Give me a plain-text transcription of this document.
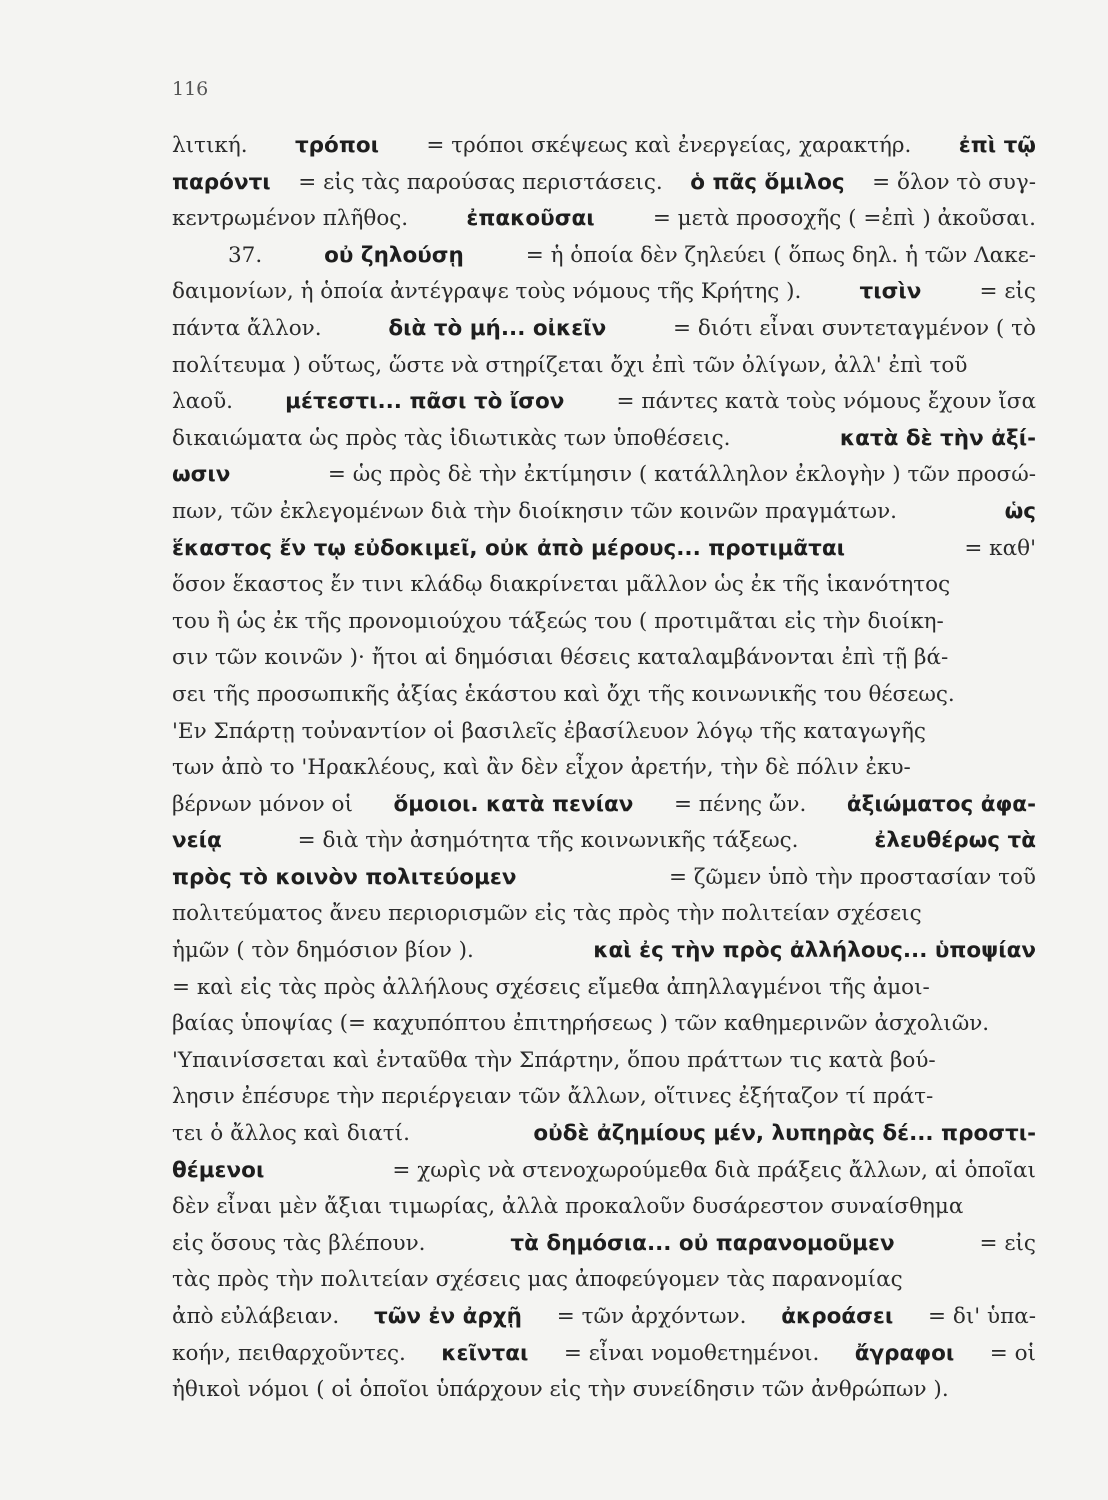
116
λιτική. τρόποι = τρόποι σκέψεως καὶ ἐνεργείας, χαρακτήρ. ἐπὶ τῷ
παρόντι = εἰς τὰς παρούσας περιστάσεις. ὁ πᾶς ὅμιλος = ὅλον τὸ συγ-
κεντρωμένον πλῆθος.	ἐπακοῦσαι	= μετὰ προσοχῆς ( =ἐπὶ ) ἀκοῦσαι.
37.	οὐ ζηλούσῃ	= ἡ ὁποία δὲν ζηλεύει ( ὅπως δηλ. ἡ τῶν Λακε-
δαιμονίων, ἡ ὁποία ἀντέγραψε τοὺς νόμους τῆς Κρήτης ).	τισὶν	= εἰς
πάντα ἄλλον.	διὰ τὸ μή... οἰκεῖν	= διότι εἶναι συντεταγμένον ( τὸ
πολίτευμα ) οὕτως, ὥστε νὰ στηρίζεται ὄχι ἐπὶ τῶν ὀλίγων, ἀλλ' ἐπὶ τοῦ
λαοῦ. μέτεστι... πᾶσι τὸ ἴσον = πάντες κατὰ τοὺς νόμους ἔχουν ἴσα
δικαιώματα ὡς πρὸς τὰς ἰδιωτικὰς των ὑποθέσεις.	κατὰ δὲ τὴν ἀξί-
ωσιν	= ὡς πρὸς δὲ τὴν ἐκτίμησιν ( κατάλληλον ἐκλογὴν ) τῶν προσώ-
πων, τῶν ἐκλεγομένων διὰ τὴν διοίκησιν τῶν κοινῶν πραγμάτων.	ὡς
ἕκαστος ἔν τῳ εὐδοκιμεῖ, οὐκ ἀπὸ μέρους... προτιμᾶται	= καθ'
ὅσον ἕκαστος ἔν τινι κλάδῳ διακρίνεται μᾶλλον ὡς ἐκ τῆς ἱκανότητος
του ἢ ὡς ἐκ τῆς προνομιούχου τάξεώς του ( προτιμᾶται εἰς τὴν διοίκη-
σιν τῶν κοινῶν )· ἤτοι αἱ δημόσιαι θέσεις καταλαμβάνονται ἐπὶ τῇ βά-
σει τῆς προσωπικῆς ἀξίας ἑκάστου καὶ ὄχι τῆς κοινωνικῆς του θέσεως.
'Εν Σπάρτῃ τοὐναντίον οἱ βασιλεῖς ἐβασίλευον λόγῳ τῆς καταγωγῆς
των ἀπὸ το 'Ηρακλέους, καὶ ἂν δὲν εἶχον ἀρετήν, τὴν δὲ πόλιν ἐκυ-
βέρνων μόνον οἱ ὅμοιοι. κατὰ πενίαν = πένης ὤν. ἀξιώματος ἀφα-
νείᾳ	= διὰ τὴν ἀσημότητα τῆς κοινωνικῆς τάξεως.	ἐλευθέρως τὰ
πρὸς τὸ κοινὸν πολιτεύομεν	= ζῶμεν ὑπὸ τὴν προστασίαν τοῦ
πολιτεύματος ἄνευ περιορισμῶν εἰς τὰς πρὸς τὴν πολιτείαν σχέσεις
ἡμῶν ( τὸν δημόσιον βίον ).	καὶ ἐς τὴν πρὸς ἀλλήλους... ὑποψίαν
= καὶ εἰς τὰς πρὸς ἀλλήλους σχέσεις εἴμεθα ἀπηλλαγμένοι τῆς ἀμοι-
βαίας ὑποψίας (= καχυπόπτου ἐπιτηρήσεως ) τῶν καθημερινῶν ἀσχολιῶν.
'Υπαινίσσεται καὶ ἐνταῦθα τὴν Σπάρτην, ὅπου πράττων τις κατὰ βού-
λησιν ἐπέσυρε τὴν περιέργειαν τῶν ἄλλων, οἵτινες ἐξήταζον τί πράτ-
τει ὁ ἄλλος καὶ διατί.	οὐδὲ ἀζημίους μέν, λυπηρὰς δέ... προστι-
θέμενοι	= χωρὶς νὰ στενοχωρούμεθα διὰ πράξεις ἄλλων, αἱ ὁποῖαι
δὲν εἶναι μὲν ἄξιαι τιμωρίας, ἀλλὰ προκαλοῦν δυσάρεστον συναίσθημα
εἰς ὅσους τὰς βλέπουν.	τὰ δημόσια... οὐ παρανομοῦμεν	= εἰς
τὰς πρὸς τὴν πολιτείαν σχέσεις μας ἀποφεύγομεν τὰς παρανομίας
ἀπὸ εὐλάβειαν. τῶν ἐν ἀρχῇ = τῶν ἀρχόντων. ἀκροάσει = δι' ὑπα-
κοήν, πειθαρχοῦντες. κεῖνται = εἶναι νομοθετημένοι. ἄγραφοι = οἱ
ἠθικοὶ νόμοι ( οἱ ὁποῖοι ὑπάρχουν εἰς τὴν συνείδησιν τῶν ἀνθρώπων ).
